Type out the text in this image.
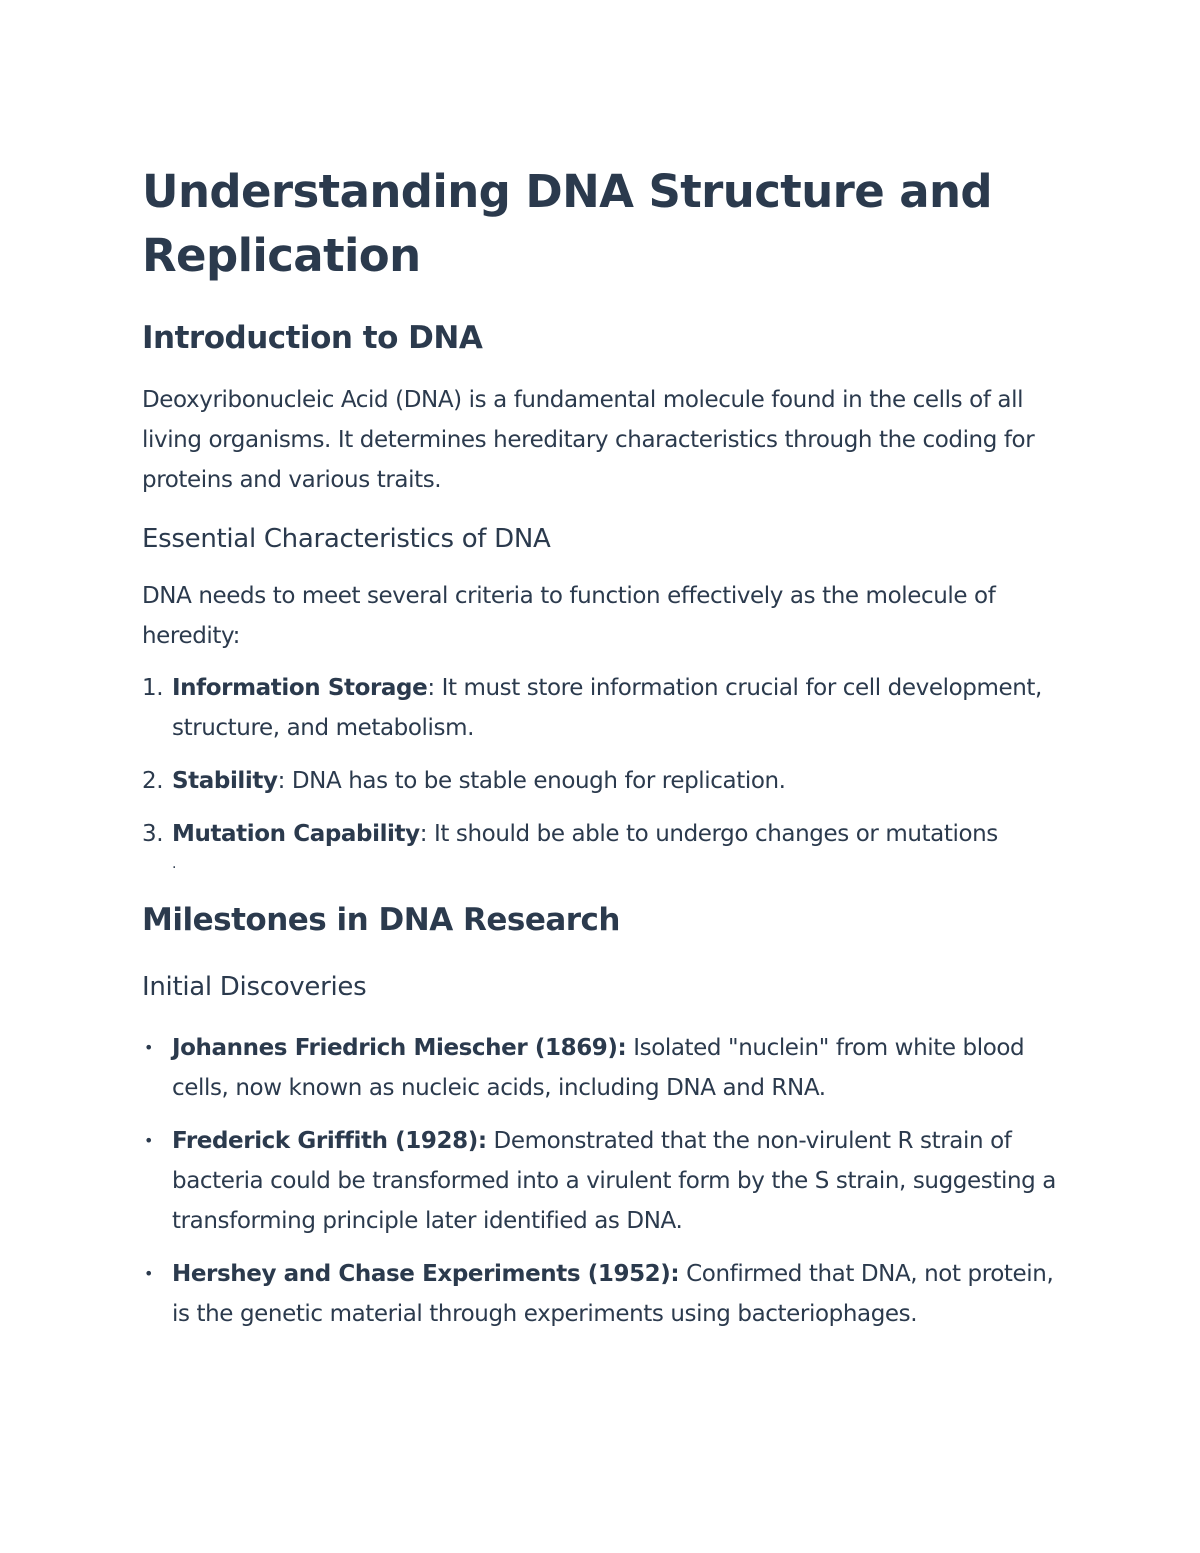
Understanding DNA Structure and Replication
Introduction to DNA

Deoxyribonucleic Acid (DNA) is a fundamental molecule found in the cells of all living organisms. It determines hereditary characteristics through the coding for proteins and various traits.

Essential Characteristics of DNA

DNA needs to meet several criteria to function effectively as the molecule of heredity:

1. Information Storage: It must store information crucial for cell development, structure, and metabolism.
2. Stability: DNA has to be stable enough for replication.
3. Mutation Capability: It should be able to undergo changes or mutations
.
Milestones in DNA Research
Initial Discoveries
• Johannes Friedrich Miescher (1869): Isolated "nuclein" from white blood cells, now known as nucleic acids, including DNA and RNA.
• Frederick Griffith (1928): Demonstrated that the non-virulent R strain of bacteria could be transformed into a virulent form by the S strain, suggesting a transforming principle later identified as DNA.
• Hershey and Chase Experiments (1952): Confirmed that DNA, not protein, is the genetic material through experiments using bacteriophages.
